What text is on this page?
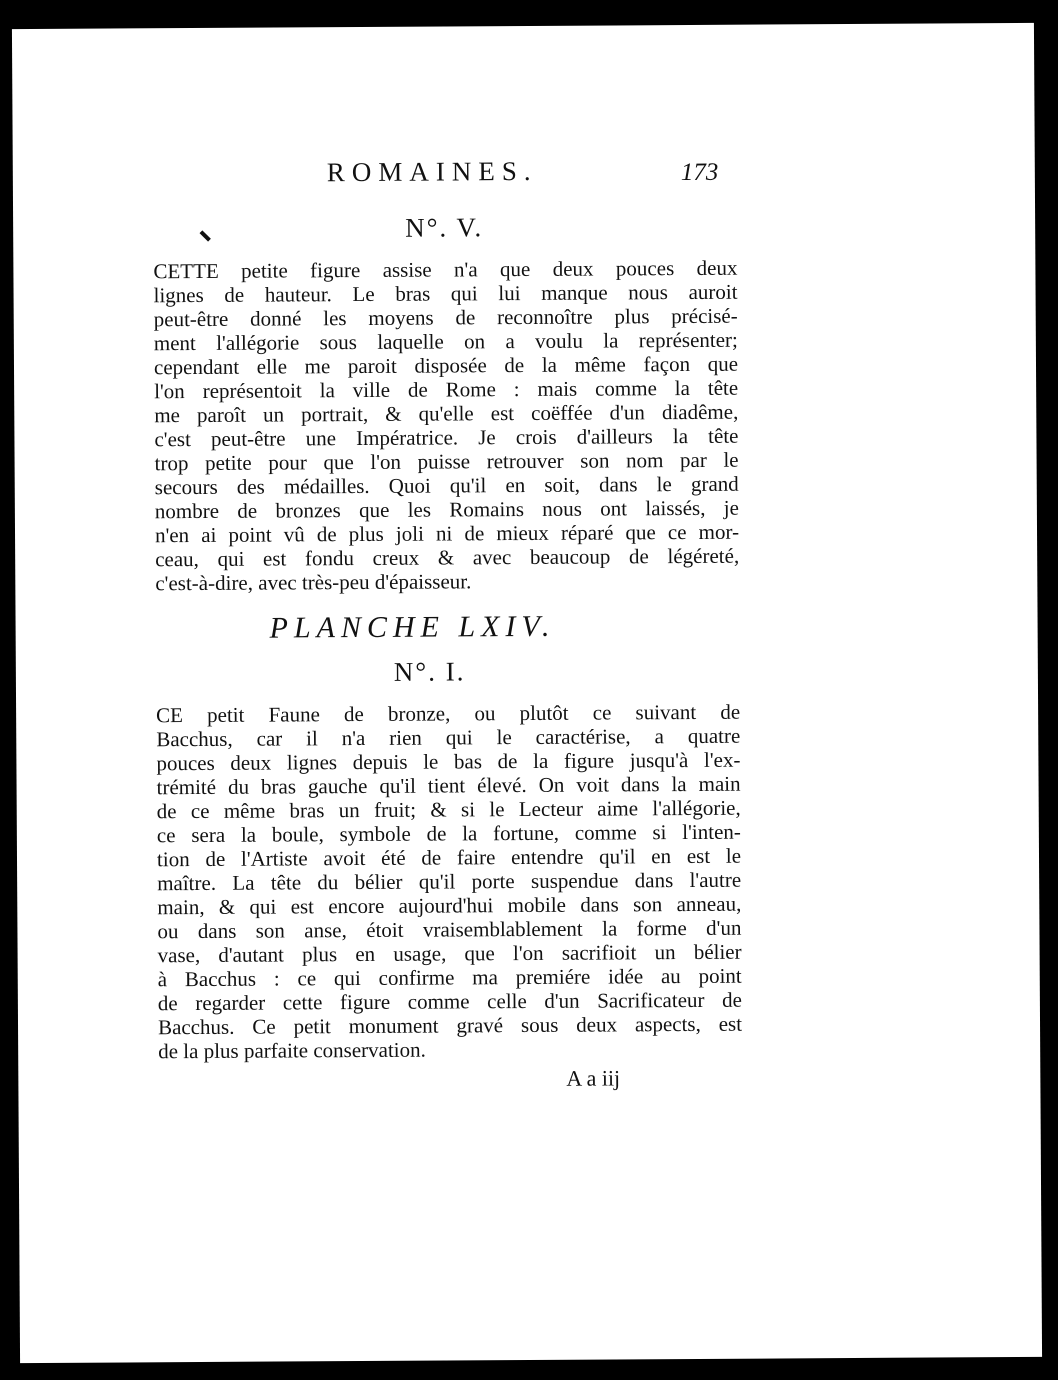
ROMAINES.	173
N°. V.
CETTE petite figure assise n'a que deux pouces deux
lignes de hauteur. Le bras qui lui manque nous auroit
peut-être donné les moyens de reconnoître plus précisé-
ment l'allégorie sous laquelle on a voulu la représenter;
cependant elle me paroit disposée de la même façon que
l'on représentoit la ville de Rome : mais comme la tête
me paroît un portrait, & qu'elle est coëffée d'un diadême,
c'est peut-être une Impératrice. Je crois d'ailleurs la tête
trop petite pour que l'on puisse retrouver son nom par le
secours des médailles. Quoi qu'il en soit, dans le grand
nombre de bronzes que les Romains nous ont laissés, je
n'en ai point vû de plus joli ni de mieux réparé que ce mor-
ceau, qui est fondu creux & avec beaucoup de légéreté,
c'est-à-dire, avec très-peu d'épaisseur.
PLANCHE LXIV.
N°. I.
CE petit Faune de bronze, ou plutôt ce suivant de
Bacchus, car il n'a rien qui le caractérise, a quatre
pouces deux lignes depuis le bas de la figure jusqu'à l'ex-
trémité du bras gauche qu'il tient élevé. On voit dans la main
de ce même bras un fruit; & si le Lecteur aime l'allégorie,
ce sera la boule, symbole de la fortune, comme si l'inten-
tion de l'Artiste avoit été de faire entendre qu'il en est le
maître. La tête du bélier qu'il porte suspendue dans l'autre
main, & qui est encore aujourd'hui mobile dans son anneau,
ou dans son anse, étoit vraisemblablement la forme d'un
vase, d'autant plus en usage, que l'on sacrifioit un bélier
à Bacchus : ce qui confirme ma premiére idée au point
de regarder cette figure comme celle d'un Sacrificateur de
Bacchus. Ce petit monument gravé sous deux aspects, est
de la plus parfaite conservation.
A a iij
